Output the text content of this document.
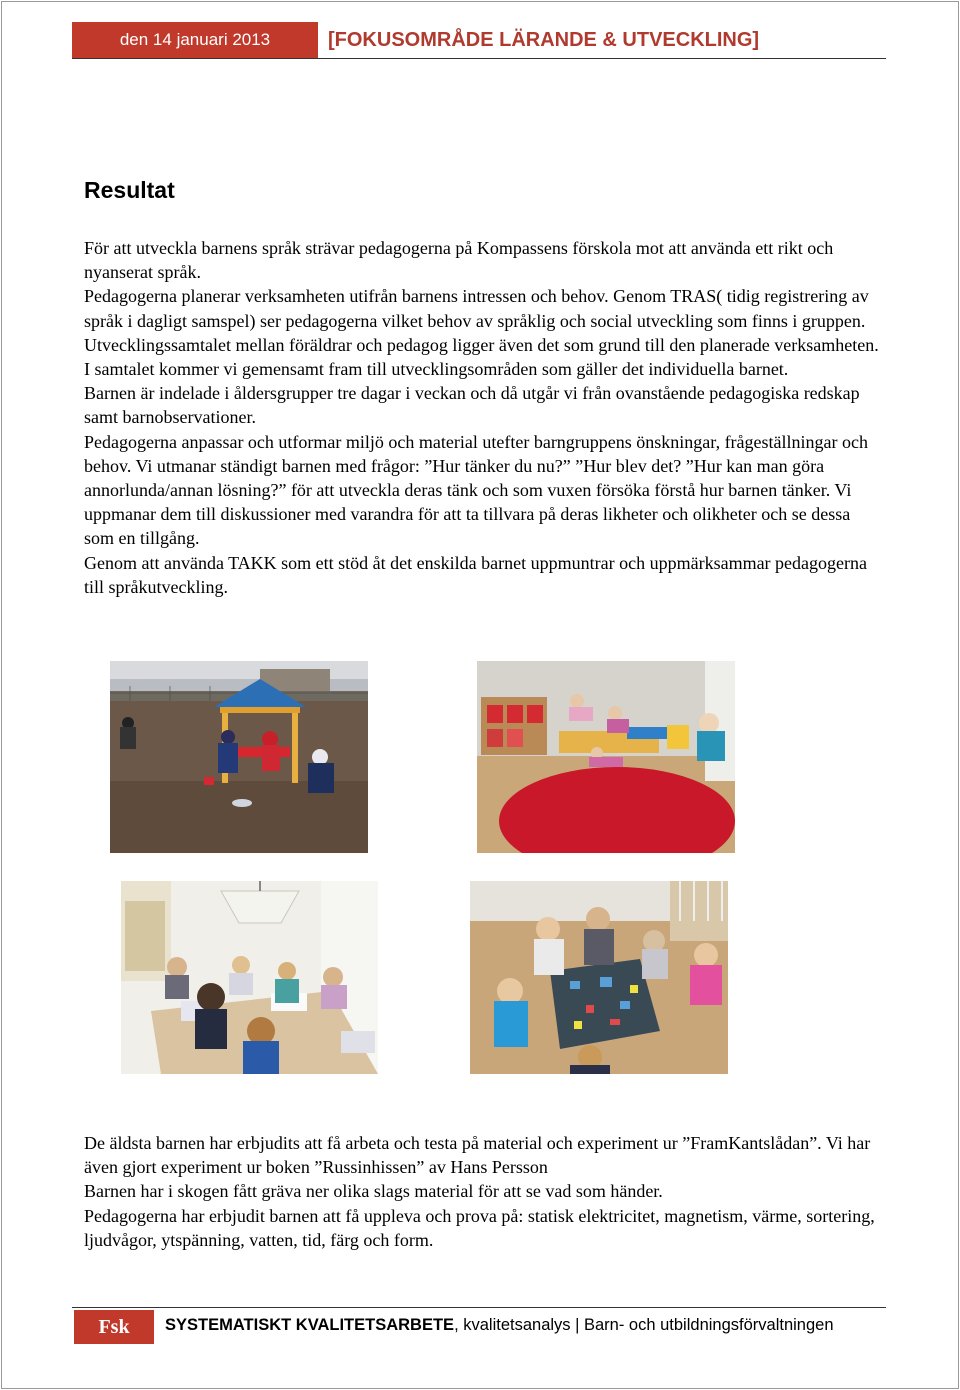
den 14 januari 2013	[FOKUSOMRÅDE LÄRANDE & UTVECKLING]
Resultat

För att utveckla barnens språk strävar pedagogerna på Kompassens förskola mot att använda ett rikt och nyanserat språk.

Pedagogerna planerar verksamheten utifrån barnens intressen och behov. Genom TRAS( tidig registrering av språk i dagligt samspel) ser pedagogerna vilket behov av språklig och social utveckling som finns i gruppen. Utvecklingssamtalet mellan föräldrar och pedagog ligger även det som grund till den planerade verksamheten. I samtalet kommer vi gemensamt fram till utvecklingsområden som gäller det individuella barnet.

Barnen är indelade i åldersgrupper tre dagar i veckan och då utgår vi från ovanstående pedagogiska redskap samt barnobservationer.

Pedagogerna anpassar och utformar miljö och material utefter barngruppens önskningar, frågeställningar och behov. Vi utmanar ständigt barnen med frågor: ”Hur tänker du nu?” ”Hur blev det? ”Hur kan man göra annorlunda/annan lösning?” för att utveckla deras tänk och som vuxen försöka förstå hur barnen tänker. Vi uppmanar dem till diskussioner med varandra för att ta tillvara på deras likheter och olikheter och se dessa som en tillgång.

Genom att använda TAKK som ett stöd åt det enskilda barnet uppmuntrar och uppmärksammar pedagogerna till språkutveckling.

De äldsta barnen har erbjudits att få arbeta och testa på material och experiment ur ”FramKantslådan”. Vi har även gjort experiment ur boken ”Russinhissen” av Hans Persson

Barnen har i skogen fått gräva ner olika slags material för att se vad som händer.

Pedagogerna har erbjudit barnen att få uppleva och prova på: statisk elektricitet, magnetism, värme, sortering, ljudvågor, ytspänning, vatten, tid, färg och form.

Fsk	SYSTEMATISKT KVALITETSARBETE, kvalitetsanalys | Barn- och utbildningsförvaltningen
